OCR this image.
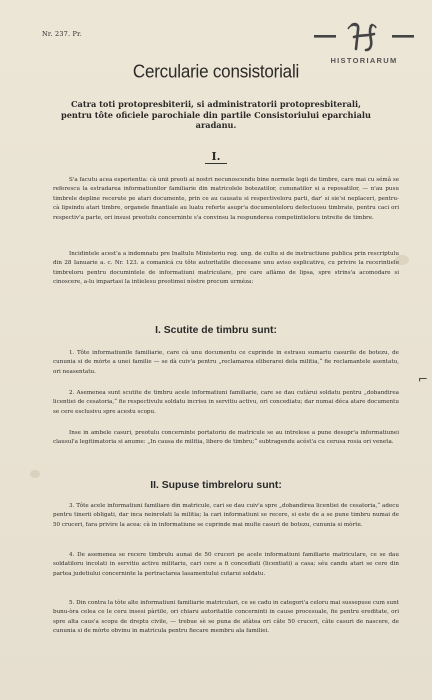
Nr. 237. Pr.
HISTORIARUM
Cercularie consistoriali
Catra toti protopresbiterii, si administratorii protopresbiterali, pentru tôte oficiele parochiale din partile Consistoriului eparchialu aradanu.
I.

S'a facutu acea esperientia: cà unii preoti ai nostri necunoscendu bine normele legii de timbre, care mai cu sémâ se referescu la estradarea informatiunilor familiarie din matricolele botezatilor, cununatilor si a reposatilor, — n'au pusu timbrele depline recerute pe atari documente, prin ce au causatu si respectiveloru parti, dar' si sie'si neplaceri, pentru-cà lipsindu atari timbre, organele finantiale au luatu referte asupr'a documenteloru defectuosu timbrate, pentru caci ori respectiv'a parte, ori insusi preotulu concerninte s'a convinsu la respunderea competintieloru intreite de timbre.

Incidintele acest'a a indemnatu pre Inaltulu Ministeriu reg. ung. de cultu si de instructiune publica prin rescriptulu din 28 Ianuarie a. c. Nr. 123. a comanicá cu tôte autoritatile diecesane unu aviso esplicativu, cu privire la recerintiele timbreloru pentru documintele de informatiuni matriculare, pre care aflàmo de lipsa, spre strins'a acomodare si cinoscere, a-lu impartasi la intielesu preotimei nòstre precum urméza:

I. Scutite de timbru sunt:

1. Tôte informatiunile familiarie, care cà unu documentu ce cuprinde in estrasu sumariu casurile de botezu, de cununia si de mòrte a unei familie — se dà cuiv'a pentru „reclamarea eliberarei dela militia,“ fie reclamantele asentatu, ori neasentatu.

2. Asemenea sunt scutite de timbru acele informatiuni familiarie, care se dau cutàrui soldatu pentru „dobandirea licentiei de cesatoria,“ fie respectivulu soldatu incrisu in servitiu activu, ori concediatu; dar numai déca atare documentu se cere esclusivu spre acestu scopu.

Inse in ambele casuri, preotulu concerninte portatoriu de matricule se au intrelese a pune desupr'a informatiunei clausul'a legitimatoria si anume: „In causa de militia, libero de timbru;“ subtragendu acést'a cu cerusa rosia ori veneta.

⌐
II. Supuse timbreloru sunt:

3. Tôte acele informatiuni familiare din matricule, cari se dau cuiv'a spre „dobandirea licentiei de cesatoria,“ adecu pentru tinerii obligati, dar inca neinrolati la militia; la cari informatiuni se recere, si este de a se pune timbru numai de 50 cruceri, fara privire la acea: cà in informatiune se cuprinde mai multe casuri de botezu, cununia si mòrte.

4. De asemenea se recere timbrulu aunai de 50 cruceri pe acele informatiuni familiarie matriculare, ce se dau soldatiloru incolati in servitiu activu militariu, cari cere a fi concediati (licentiati) a casa; séu candu atari se cere din partea judetiului concerninte la pertractarea lasamentului cutarui soldatu.

5. Din contra la tòte alte informatiuni familiarie matriculari, ce se cadu in categori'a celoru mai sussepuse cum sunt bunu-òra celea ce le ceru insesi pàrtile, ori chiaru autoritatile concerninti in cause procesuale, fie pentru ereditate, ori spre alta caus'a scopu de dreptu civile, — trebue sè se puna de atàtea ori câte 50 cruceri, câte casuri de nascere, de cununia si de mòrte obvinu in matricula pentru fiecare membru ala familiei.
